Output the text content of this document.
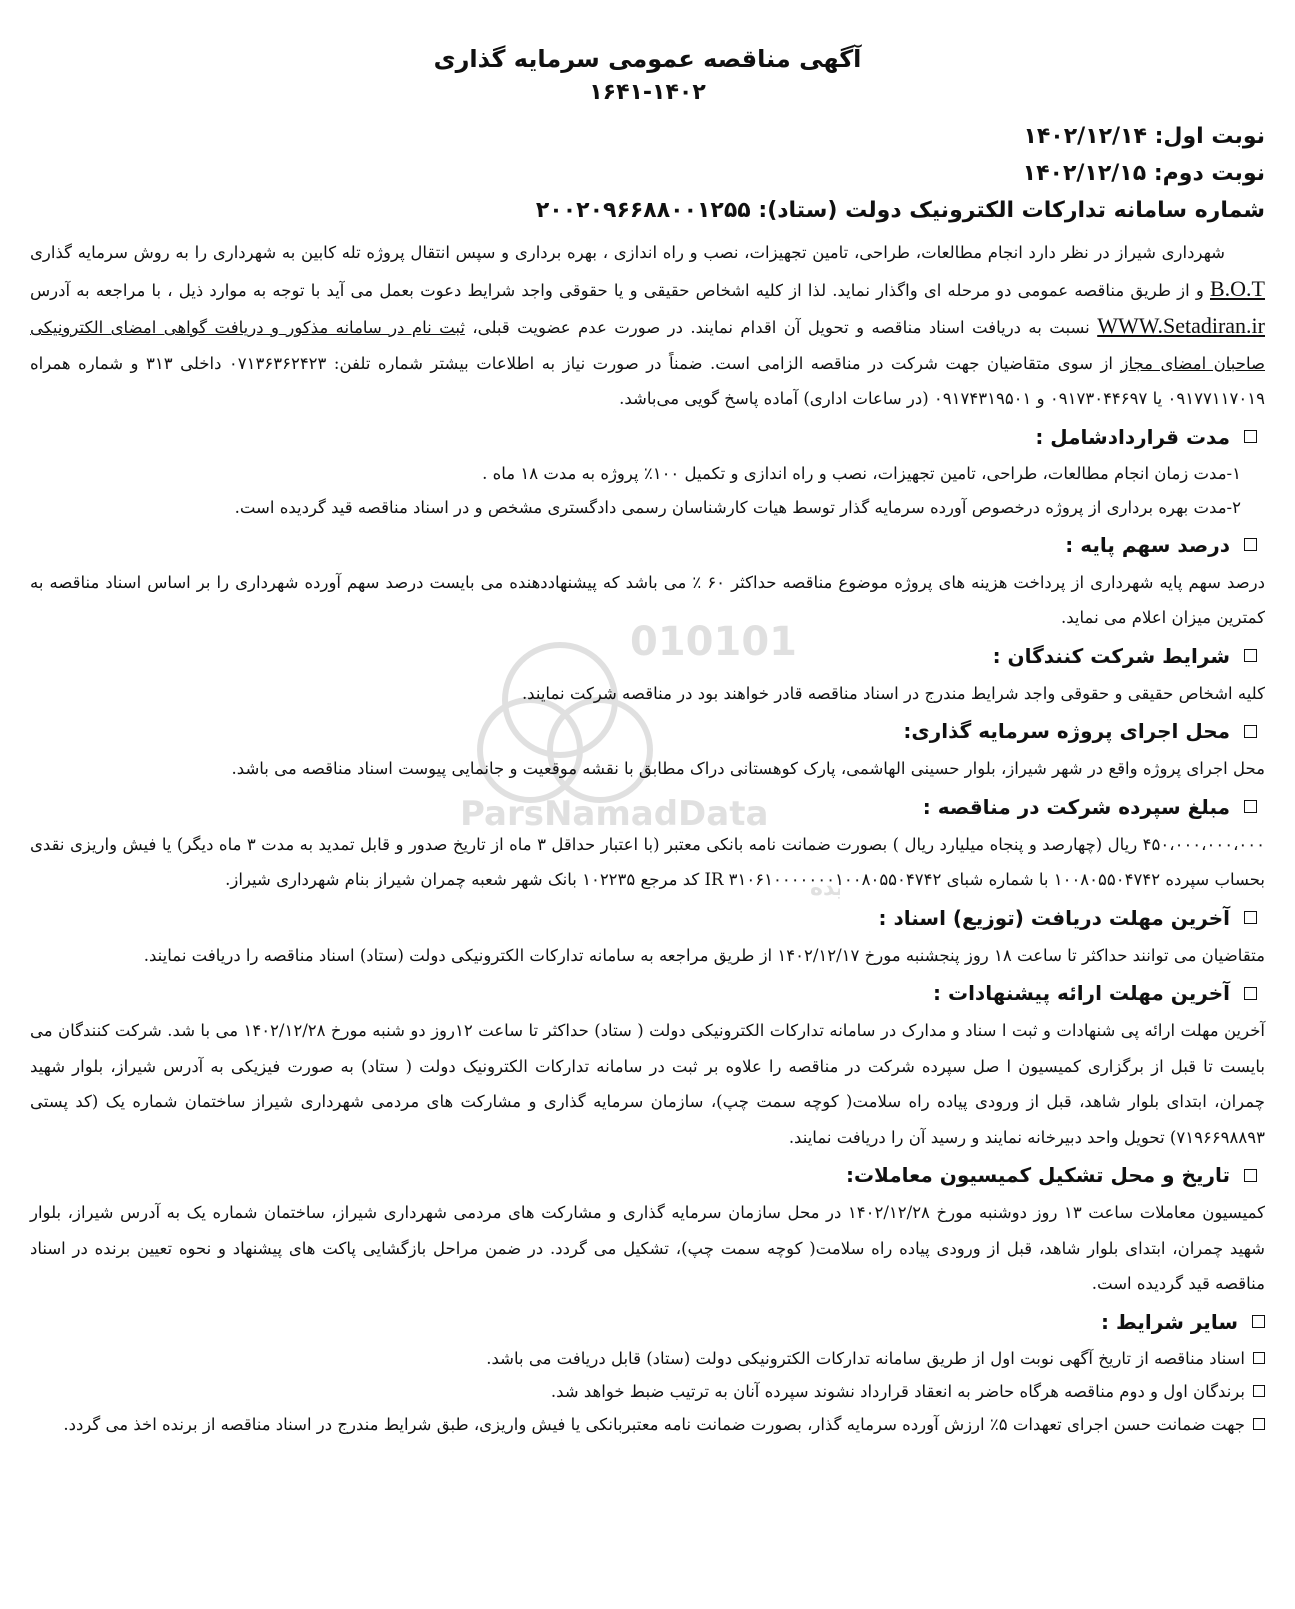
010101
ParsNamadData
ده
آگهی مناقصه عمومی سرمایه گذاری

۱۶۴۱-۱۴۰۲

نوبت اول: ۱۴۰۲/۱۲/۱۴

نوبت دوم: ۱۴۰۲/۱۲/۱۵

شماره سامانه تدارکات الکترونیک دولت (ستاد): ۲۰۰۲۰۹۶۶۸۸۰۰۱۲۵۵

شهرداری شیراز در نظر دارد انجام مطالعات، طراحی، تامین تجهیزات، نصب و راه اندازی ، بهره برداری و سپس انتقال پروژه تله کابین به شهرداری را به روش سرمایه گذاری B.O.T و از طریق مناقصه عمومی دو مرحله ای واگذار نماید. لذا از کلیه اشخاص حقیقی و یا حقوقی واجد شرایط دعوت بعمل می آید با توجه به موارد ذیل ، با مراجعه به آدرس WWW.Setadiran.ir نسبت به دریافت اسناد مناقصه و تحویل آن اقدام نمایند. در صورت عدم عضویت قبلی، ثبت نام در سامانه مذکور و دریافت گواهی امضای الکترونیکی صاحبان امضای مجاز از سوی متقاضیان جهت شرکت در مناقصه الزامی است. ضمناً در صورت نیاز به اطلاعات بیشتر شماره تلفن: ۰۷۱۳۶۳۶۲۴۲۳ داخلی ۳۱۳ و شماره همراه ۰۹۱۷۷۱۱۷۰۱۹ یا ۰۹۱۷۳۰۴۴۶۹۷ و ۰۹۱۷۴۳۱۹۵۰۱ (در ساعات اداری) آماده پاسخ گویی می‌باشد.

مدت قراردادشامل :

۱-مدت زمان انجام مطالعات، طراحی، تامین تجهیزات، نصب و راه اندازی و تکمیل ۱۰۰٪ پروژه به مدت ۱۸ ماه .

۲-مدت بهره برداری از پروژه درخصوص آورده سرمایه گذار توسط هیات کارشناسان رسمی دادگستری مشخص و در اسناد مناقصه قید گردیده است.

درصد سهم پایه :

درصد سهم پایه شهرداری از پرداخت هزینه های پروژه موضوع مناقصه حداکثر ۶۰ ٪ می باشد که پیشنهاددهنده می بایست درصد سهم آورده شهرداری را بر اساس اسناد مناقصه به کمترین میزان اعلام می نماید.

شرایط شرکت کنندگان :

کلیه اشخاص حقیقی و حقوقی واجد شرایط مندرج در اسناد مناقصه قادر خواهند بود در مناقصه شرکت نمایند.

محل اجرای پروژه سرمایه گذاری:

محل اجرای پروژه واقع در شهر شیراز، بلوار حسینی الهاشمی، پارک کوهستانی دراک مطابق با نقشه موقعیت و جانمایی پیوست اسناد مناقصه می باشد.

مبلغ سپرده شرکت در مناقصه :

۴۵۰،۰۰۰،۰۰۰،۰۰۰ ریال (چهارصد و پنجاه میلیارد ریال ) بصورت ضمانت نامه بانکی معتبر (با اعتبار حداقل ۳ ماه از تاریخ صدور و قابل تمدید به مدت ۳ ماه دیگر) یا فیش واریزی نقدی بحساب سپرده ۱۰۰۸۰۵۵۰۴۷۴۲ با شماره شبای IR ۳۱۰۶۱۰۰۰۰۰۰۰۱۰۰۸۰۵۵۰۴۷۴۲ کد مرجع ۱۰۲۲۳۵ بانک شهر شعبه چمران شیراز بنام شهرداری شیراز.

آخرین مهلت دریافت (توزیع) اسناد :

متقاضیان می توانند حداکثر تا ساعت ۱۸ روز پنجشنبه مورخ ۱۴۰۲/۱۲/۱۷ از طریق مراجعه به سامانه تدارکات الکترونیکی دولت (ستاد) اسناد مناقصه را دریافت نمایند.

آخرین مهلت ارائه پیشنهادات :

آخرین مهلت ارائه پی شنهادات و ثبت ا سناد و مدارک در سامانه تدارکات الکترونیکی دولت ( ستاد) حداکثر تا ساعت ۱۲روز دو شنبه مورخ ۱۴۰۲/۱۲/۲۸ می با شد. شرکت کنندگان می بایست تا قبل از برگزاری کمیسیون ا صل سپرده شرکت در مناقصه را علاوه بر ثبت در سامانه تدارکات الکترونیک دولت ( ستاد) به صورت فیزیکی به آدرس شیراز، بلوار شهید چمران، ابتدای بلوار شاهد، قبل از ورودی پیاده راه سلامت( کوچه سمت چپ)، سازمان سرمایه گذاری و مشارکت های مردمی شهرداری شیراز ساختمان شماره یک (کد پستی ۷۱۹۶۶۹۸۸۹۳) تحویل واحد دبیرخانه نمایند و رسید آن را دریافت نمایند.

تاریخ و محل تشکیل کمیسیون معاملات:

کمیسیون معاملات ساعت ۱۳ روز دوشنبه مورخ ۱۴۰۲/۱۲/۲۸ در محل سازمان سرمایه گذاری و مشارکت های مردمی شهرداری شیراز، ساختمان شماره یک به آدرس شیراز، بلوار شهید چمران، ابتدای بلوار شاهد، قبل از ورودی پیاده راه سلامت( کوچه سمت چپ)، تشکیل می گردد. در ضمن مراحل بازگشایی پاکت های پیشنهاد و نحوه تعیین برنده در اسناد مناقصه قید گردیده است.

سایر شرایط :

اسناد مناقصه از تاریخ آگهی نوبت اول از طریق سامانه تدارکات الکترونیکی دولت (ستاد) قابل دریافت می باشد.

برندگان اول و دوم مناقصه هرگاه حاضر به انعقاد قرارداد نشوند سپرده آنان به ترتیب ضبط خواهد شد.

جهت ضمانت حسن اجرای تعهدات ۵٪ ارزش آورده سرمایه گذار، بصورت ضمانت نامه معتبربانکی یا فیش واریزی، طبق شرایط مندرج در اسناد مناقصه از برنده اخذ می گردد.
